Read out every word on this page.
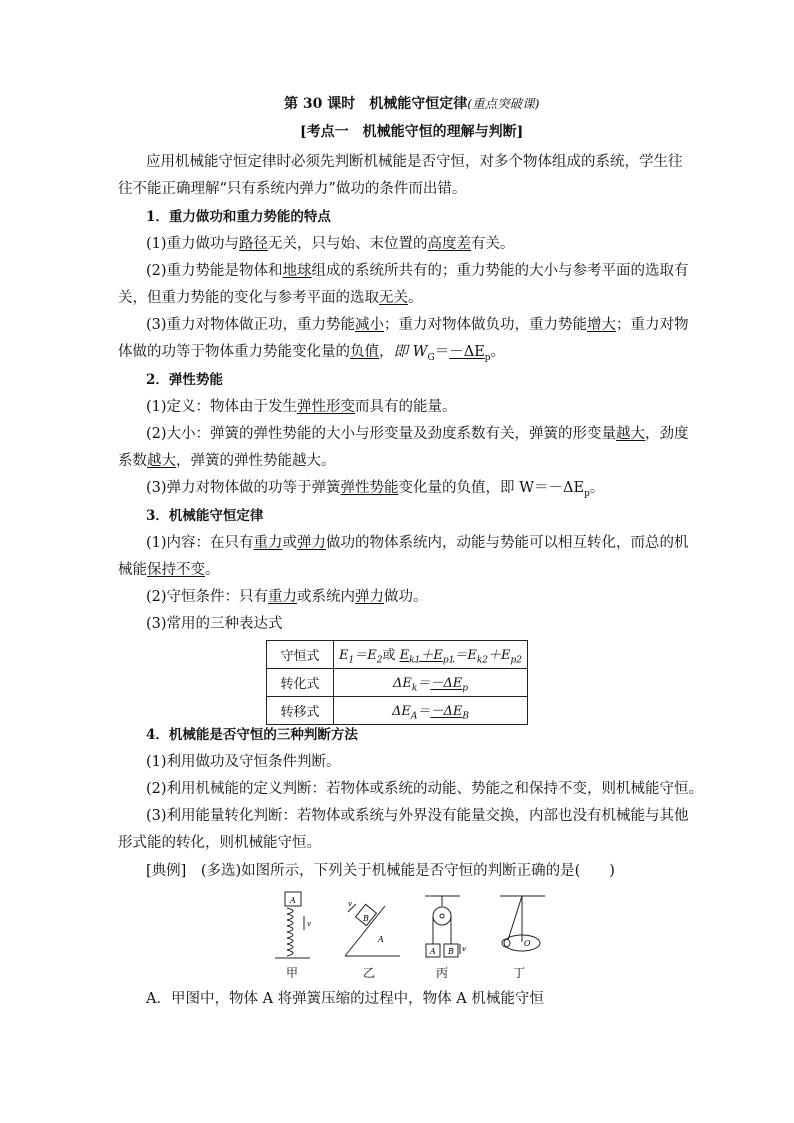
第 30 课时　机械能守恒定律(重点突破课)
[考点一　机械能守恒的理解与判断]
应用机械能守恒定律时必须先判断机械能是否守恒，对多个物体组成的系统，学生往
往不能正确理解“只有系统内弹力”做功的条件而出错。
1．重力做功和重力势能的特点
(1)重力做功与路径无关，只与始、末位置的高度差有关。
(2)重力势能是物体和地球组成的系统所共有的；重力势能的大小与参考平面的选取有
关，但重力势能的变化与参考平面的选取无关。
(3)重力对物体做正功，重力势能减小；重力对物体做负功，重力势能增大；重力对物
体做的功等于物体重力势能变化量的负值，即 $W_G=-\Delta E_p$。
2．弹性势能
(1)定义：物体由于发生弹性形变而具有的能量。
(2)大小：弹簧的弹性势能的大小与形变量及劲度系数有关，弹簧的形变量越大，劲度
系数越大，弹簧的弹性势能越大。
(3)弹力对物体做的功等于弹簧弹性势能变化量的负值，即 $W=-\Delta E_p$。
3．机械能守恒定律
(1)内容：在只有重力或弹力做功的物体系统内，动能与势能可以相互转化，而总的机
械能保持不变。
(2)守恒条件：只有重力或系统内弹力做功。
(3)常用的三种表达式
守恒式	$E_1=E_2$或 $E_{k1}+E_{p1}=E_{k2}+E_{p2}$
转化式	$\Delta E_k=-\Delta E_p$
转移式	$\Delta E_A=-\Delta E_B$
4．机械能是否守恒的三种判断方法
(1)利用做功及守恒条件判断。
(2)利用机械能的定义判断：若物体或系统的动能、势能之和保持不变，则机械能守恒。
(3)利用能量转化判断：若物体或系统与外界没有能量交换，内部也没有机械能与其他
形式能的转化，则机械能守恒。
[典例]　(多选)如图所示，下列关于机械能是否守恒的判断正确的是(　　)
A
v
B
A
v
A B v
O
甲	乙	丙	丁
A．甲图中，物体 A 将弹簧压缩的过程中，物体 A 机械能守恒
